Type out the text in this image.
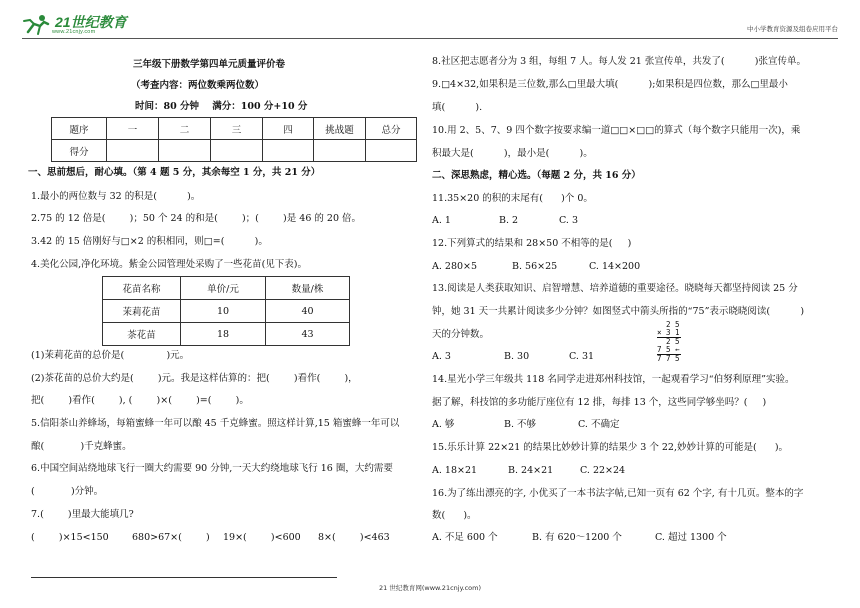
21世纪教育
www.21cnjy.com	中小学教育资源及组卷应用平台
三年级下册数学第四单元质量评价卷
（考查内容：两位数乘两位数）
时间：80 分钟    满分：100 分+10 分
题序	一	二	三	四	挑战题	总分
得分						
一、思前想后，耐心填。（第 4 题 5 分，其余每空 1 分，共 21 分）
1.最小的两位数与 32 的积是(          )。
2.75 的 12 倍是(        )；50 个 24 的和是(        )；(        )是 46 的 20 倍。
3.42 的 15 倍刚好与□×2 的积相同，则□=(          )。
4.美化公园,净化环境。紫金公园管理处采购了一些花苗(见下表)。
花苗名称	单价/元	数量/株
茉莉花苗	10	40
茶花苗	18	43
(1)茉莉花苗的总价是(              )元。
(2)茶花苗的总价大约是(        )元。我是这样估算的：把(        )看作(        )，
把(        )看作(        ), (        )×(        )=(        )。
5.信阳茶山养蜂场，每箱蜜蜂一年可以酿 45 千克蜂蜜。照这样计算,15 箱蜜蜂一年可以
酿(            )千克蜂蜜。
6.中国空间站绕地球飞行一圈大约需要 90 分钟,一天大约绕地球飞行 16 圈，大约需要
(            )分钟。
7.(        )里最大能填几?
(        )×15<150 680>67×(        ) 19×(        )<600 8×(        )<463
8.社区把志愿者分为 3 组，每组 7 人。每人发 21 张宣传单，共发了(          )张宣传单。
9.□4×32,如果积是三位数,那么□里最大填(          );如果积是四位数，那么□里最小
填(          ).
10.用 2、5、7、9 四个数字按要求编一道□□×□□的算式（每个数字只能用一次)，乘
积最大是(          )，最小是(          )。
二、深思熟虑，精心选。（每题 2 分，共 16 分）
11.35×20 的积的末尾有(      )个 0。
A. 1	B. 2	C. 3
12.下列算式的结果和 28×50 不相等的是(     )
A. 280×5	B. 56×25	C. 14×200
13.阅读是人类获取知识、启智增慧、培养道德的重要途径。晓晓每天都坚持阅读 25 分
钟，她 31 天一共累计阅读多少分钟？如图竖式中箭头所指的“75”表示晓晓阅读(          )
天的分钟数。
A. 3	B. 30	C. 31
2 5
× 3 1
2 5
7 5 ←
7 7 5
14.星光小学三年级共 118 名同学走进郑州科技馆，一起观看学习“伯努利原理”实验。
据了解，科技馆的多功能厅座位有 12 排，每排 13 个，这些同学够坐吗？(     )
A. 够	B. 不够	C. 不确定
15.乐乐计算 22×21 的结果比妙妙计算的结果少 3 个 22,妙妙计算的可能是(      )。
A. 18×21	B. 24×21	C. 22×24
16.为了练出漂亮的字, 小优买了一本书法字帖,已知一页有 62 个字, 有十几页。整本的字
数(      )。
A. 不足 600 个	B. 有 620～1200 个	C. 超过 1300 个
21 世纪教育网(www.21cnjy.com)
